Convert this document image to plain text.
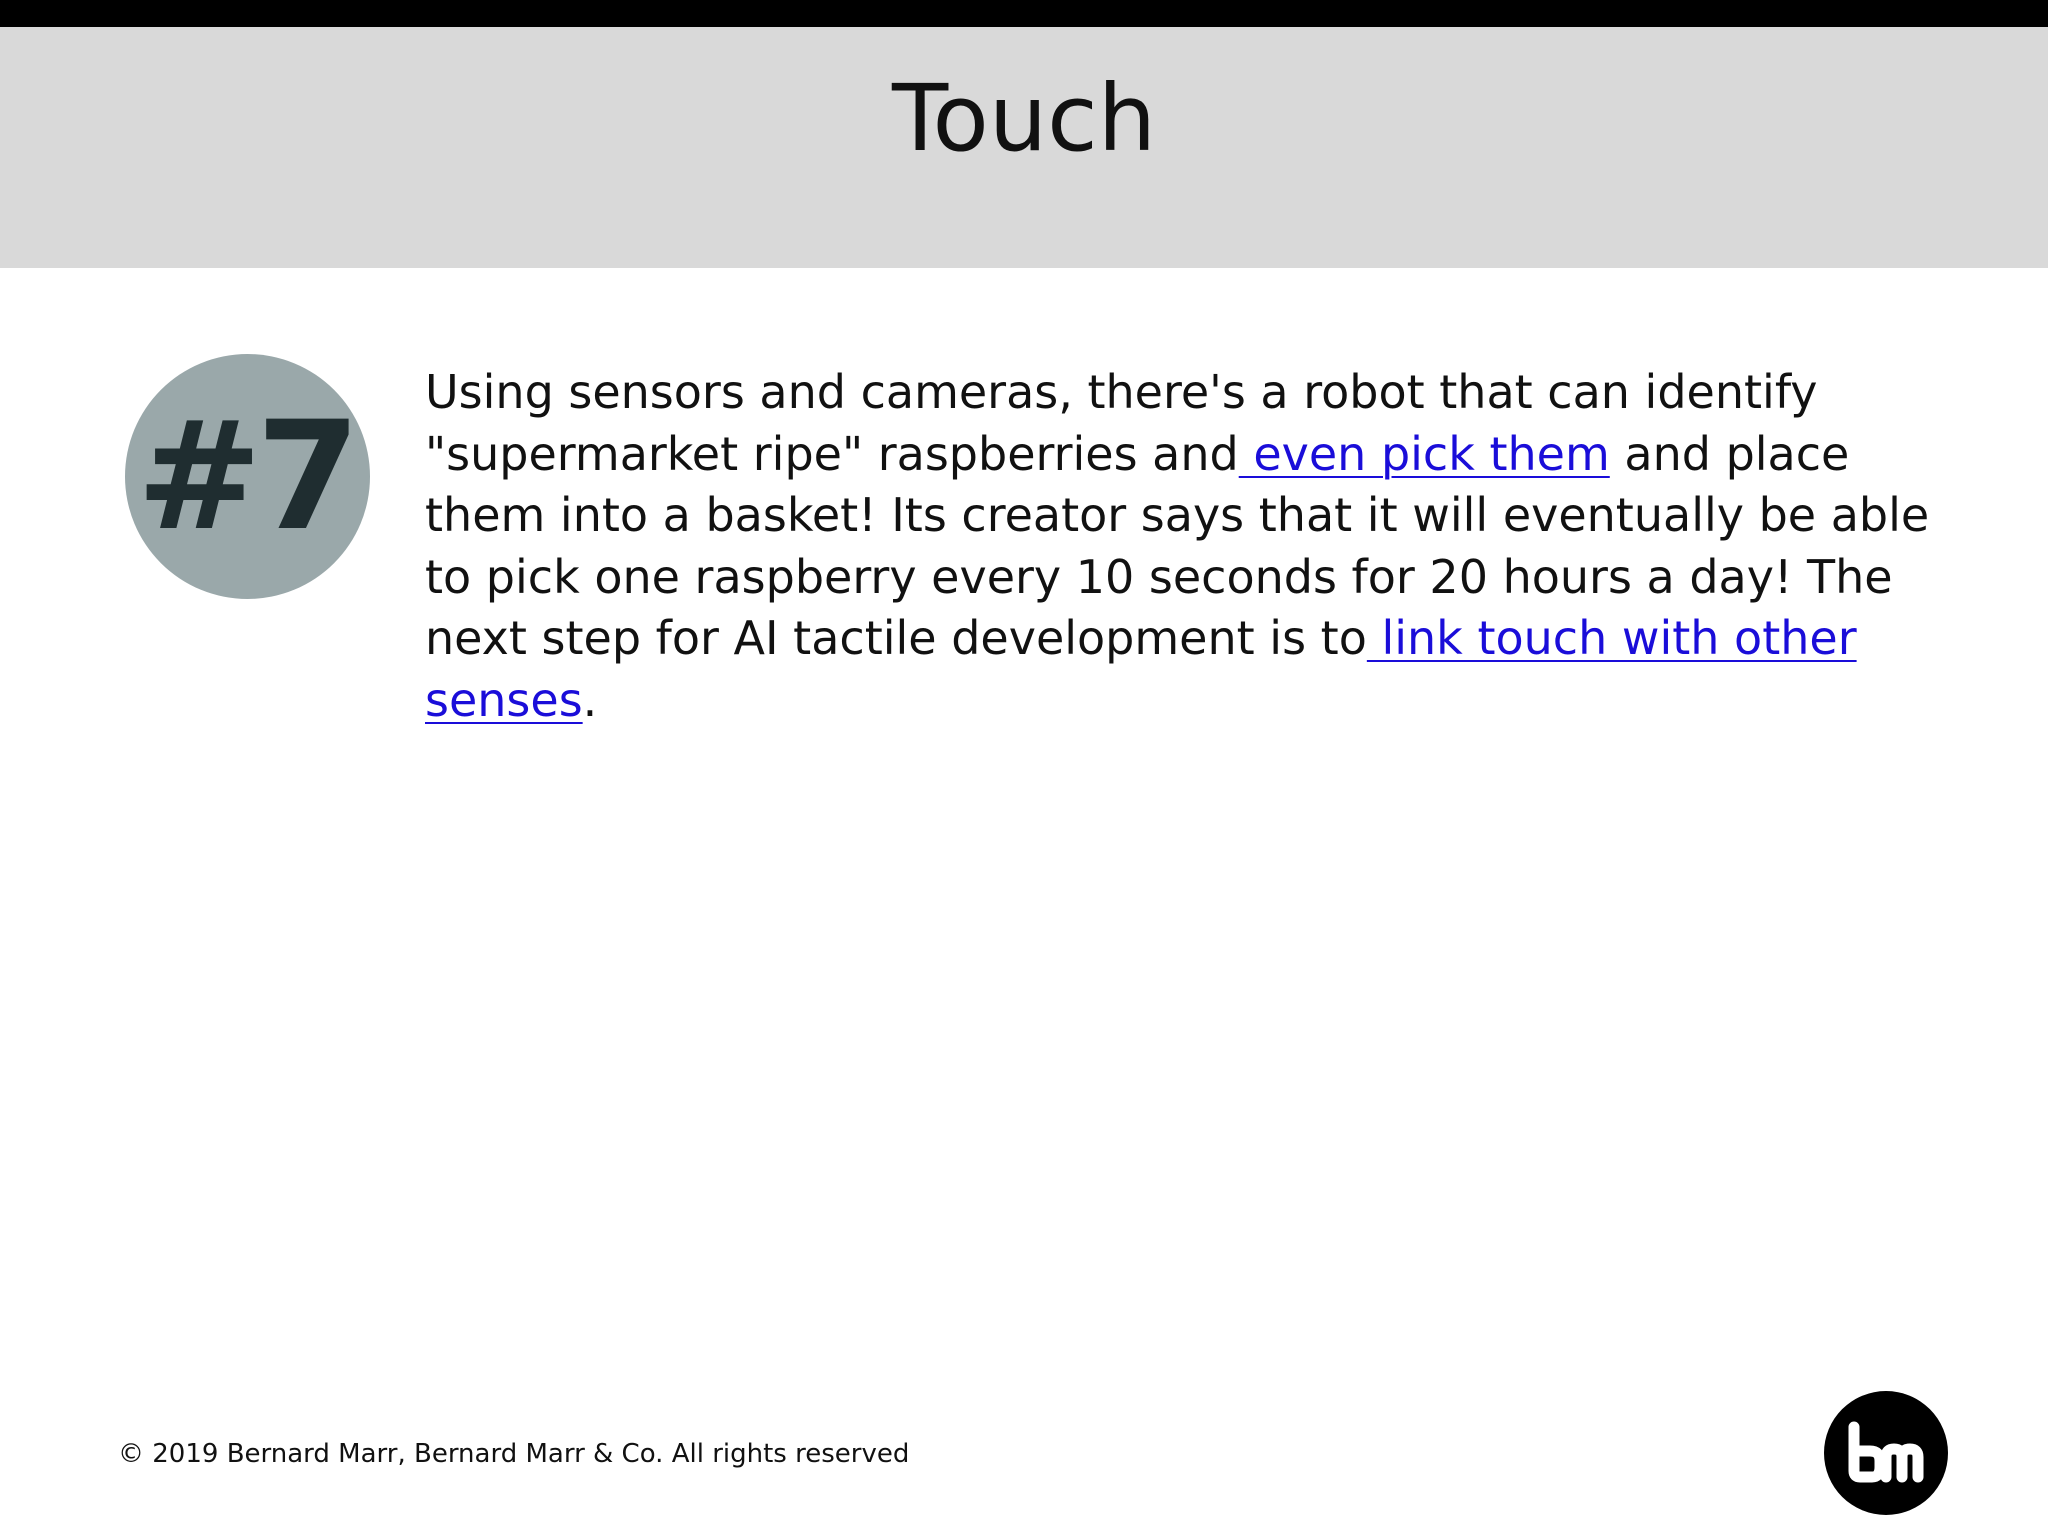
Touch
#7 Using sensors and cameras, there's a robot that can identify "supermarket ripe" raspberries and even pick them and place them into a basket! Its creator says that it will eventually be able to pick one raspberry every 10 seconds for 20 hours a day! The next step for AI tactile development is to link touch with other senses.

© 2019 Bernard Marr, Bernard Marr & Co. All rights reserved
